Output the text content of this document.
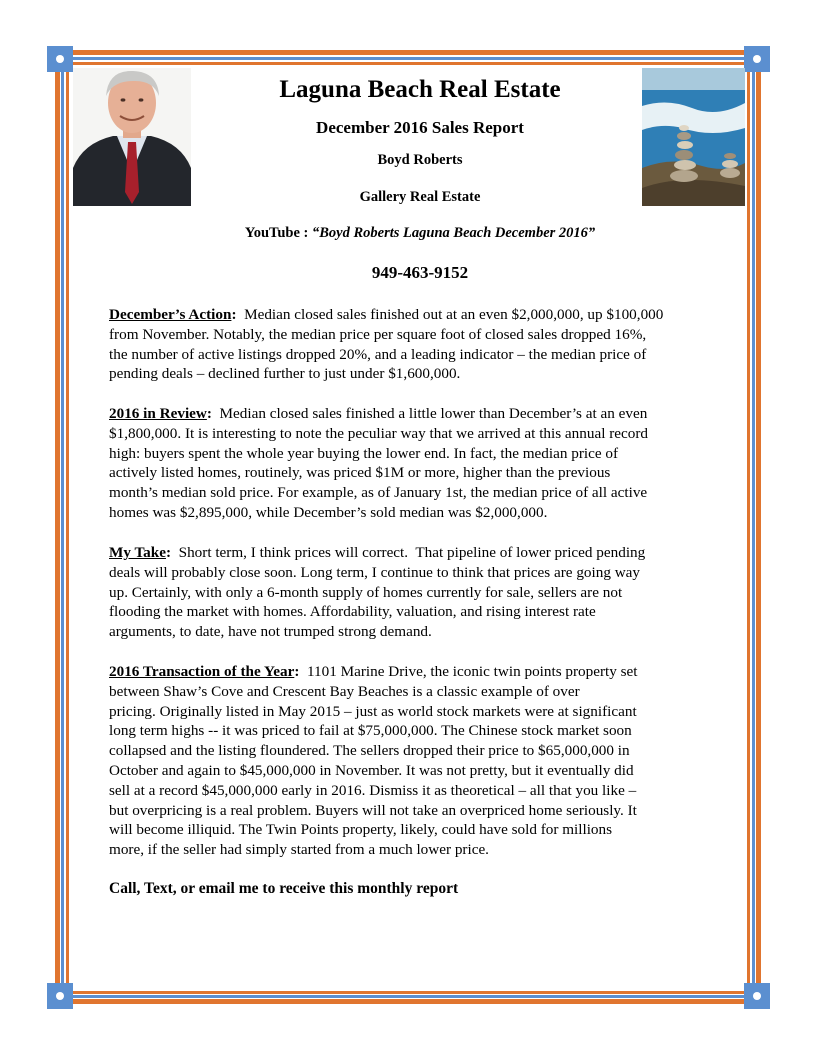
Laguna Beach Real Estate
December 2016 Sales Report
Boyd Roberts
Gallery Real Estate
YouTube : “Boyd Roberts Laguna Beach December 2016”
949-463-9152
December’s Action:  Median closed sales finished out at an even $2,000,000, up $100,000
from November. Notably, the median price per square foot of closed sales dropped 16%,
the number of active listings dropped 20%, and a leading indicator – the median price of
pending deals – declined further to just under $1,600,000.
2016 in Review:  Median closed sales finished a little lower than December’s at an even
$1,800,000. It is interesting to note the peculiar way that we arrived at this annual record
high: buyers spent the whole year buying the lower end. In fact, the median price of
actively listed homes, routinely, was priced $1M or more, higher than the previous
month’s median sold price. For example, as of January 1st, the median price of all active
homes was $2,895,000, while December’s sold median was $2,000,000.
My Take:  Short term, I think prices will correct.  That pipeline of lower priced pending
deals will probably close soon. Long term, I continue to think that prices are going way
up. Certainly, with only a 6-month supply of homes currently for sale, sellers are not
flooding the market with homes. Affordability, valuation, and rising interest rate
arguments, to date, have not trumped strong demand.
2016 Transaction of the Year:  1101 Marine Drive, the iconic twin points property set
between Shaw’s Cove and Crescent Bay Beaches is a classic example of over
pricing. Originally listed in May 2015 – just as world stock markets were at significant
long term highs -- it was priced to fail at $75,000,000. The Chinese stock market soon
collapsed and the listing floundered. The sellers dropped their price to $65,000,000 in
October and again to $45,000,000 in November. It was not pretty, but it eventually did
sell at a record $45,000,000 early in 2016. Dismiss it as theoretical – all that you like –
but overpricing is a real problem. Buyers will not take an overpriced home seriously. It
will become illiquid. The Twin Points property, likely, could have sold for millions
more, if the seller had simply started from a much lower price.
Call, Text, or email me to receive this monthly report
